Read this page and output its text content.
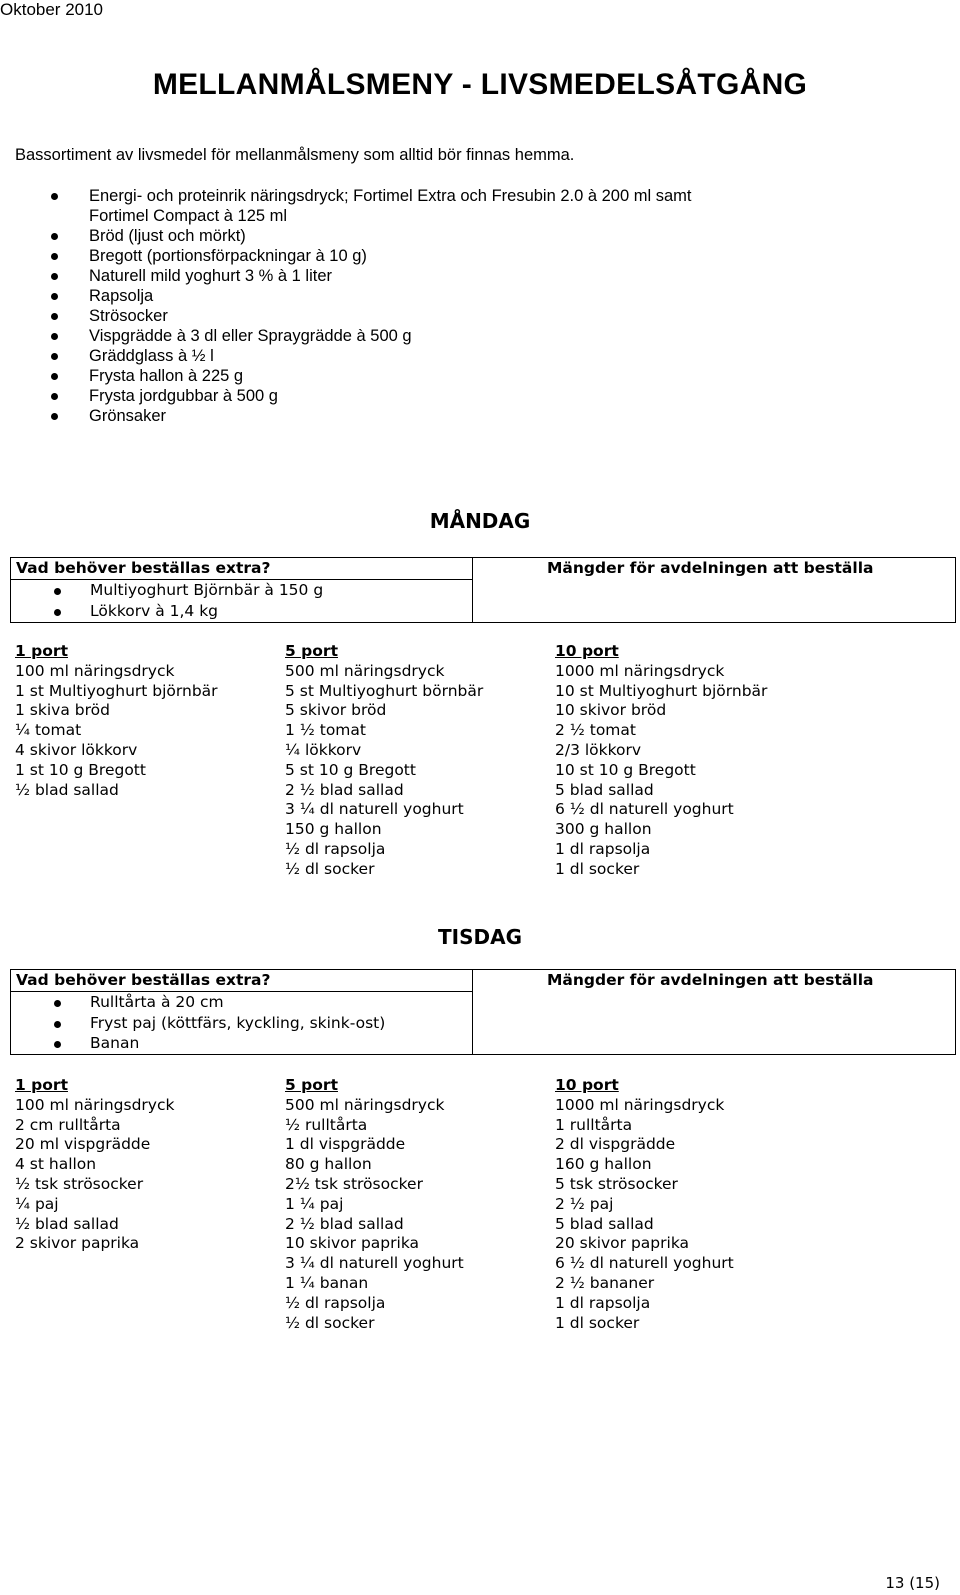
Oktober 2010
MELLANMÅLSMENY - LIVSMEDELSÅTGÅNG
Bassortiment av livsmedel för mellanmålsmeny som alltid bör finnas hemma.
Energi- och proteinrik näringsdryck; Fortimel Extra och Fresubin 2.0 à 200 ml samt
Fortimel Compact à 125 ml
Bröd (ljust och mörkt)
Bregott (portionsförpackningar à 10 g)
Naturell mild yoghurt 3 % à 1 liter
Rapsolja
Strösocker
Vispgrädde à 3 dl eller Spraygrädde à 500 g
Gräddglass à ½ l
Frysta hallon à 225 g
Frysta jordgubbar à 500 g
Grönsaker
MÅNDAG
Vad behöver beställas extra?	Mängder för avdelningen att beställa
Multiyoghurt Björnbär à 150 g
Lökkorv à 1,4 kg
1 port
100 ml näringsdryck
1 st Multiyoghurt björnbär
1 skiva bröd
¼ tomat
4 skivor lökkorv
1 st 10 g Bregott
½ blad sallad
5 port
500 ml näringsdryck
5 st Multiyoghurt börnbär
5 skivor bröd
1 ½ tomat
¼ lökkorv
5 st 10 g Bregott
2 ½ blad sallad
3 ¼ dl naturell yoghurt
150 g hallon
½ dl rapsolja
½ dl socker
10 port
1000 ml näringsdryck
10 st Multiyoghurt björnbär
10 skivor bröd
2 ½ tomat
2/3 lökkorv
10 st 10 g Bregott
5 blad sallad
6 ½ dl naturell yoghurt
300 g hallon
1 dl rapsolja
1 dl socker
TISDAG
Vad behöver beställas extra?	Mängder för avdelningen att beställa
Rulltårta à 20 cm
Fryst paj (köttfärs, kyckling, skink-ost)
Banan
1 port
100 ml näringsdryck
2 cm rulltårta
20 ml vispgrädde
4 st hallon
½ tsk strösocker
¼ paj
½ blad sallad
2 skivor paprika
5 port
500 ml näringsdryck
½ rulltårta
1 dl vispgrädde
80 g hallon
2½ tsk strösocker
1 ¼ paj
2 ½ blad sallad
10 skivor paprika
3 ¼ dl naturell yoghurt
1 ¼ banan
½ dl rapsolja
½ dl socker
10 port
1000 ml näringsdryck
1 rulltårta
2 dl vispgrädde
160 g hallon
5 tsk strösocker
2 ½ paj
5 blad sallad
20 skivor paprika
6 ½ dl naturell yoghurt
2 ½ bananer
1 dl rapsolja
1 dl socker
13 (15)
